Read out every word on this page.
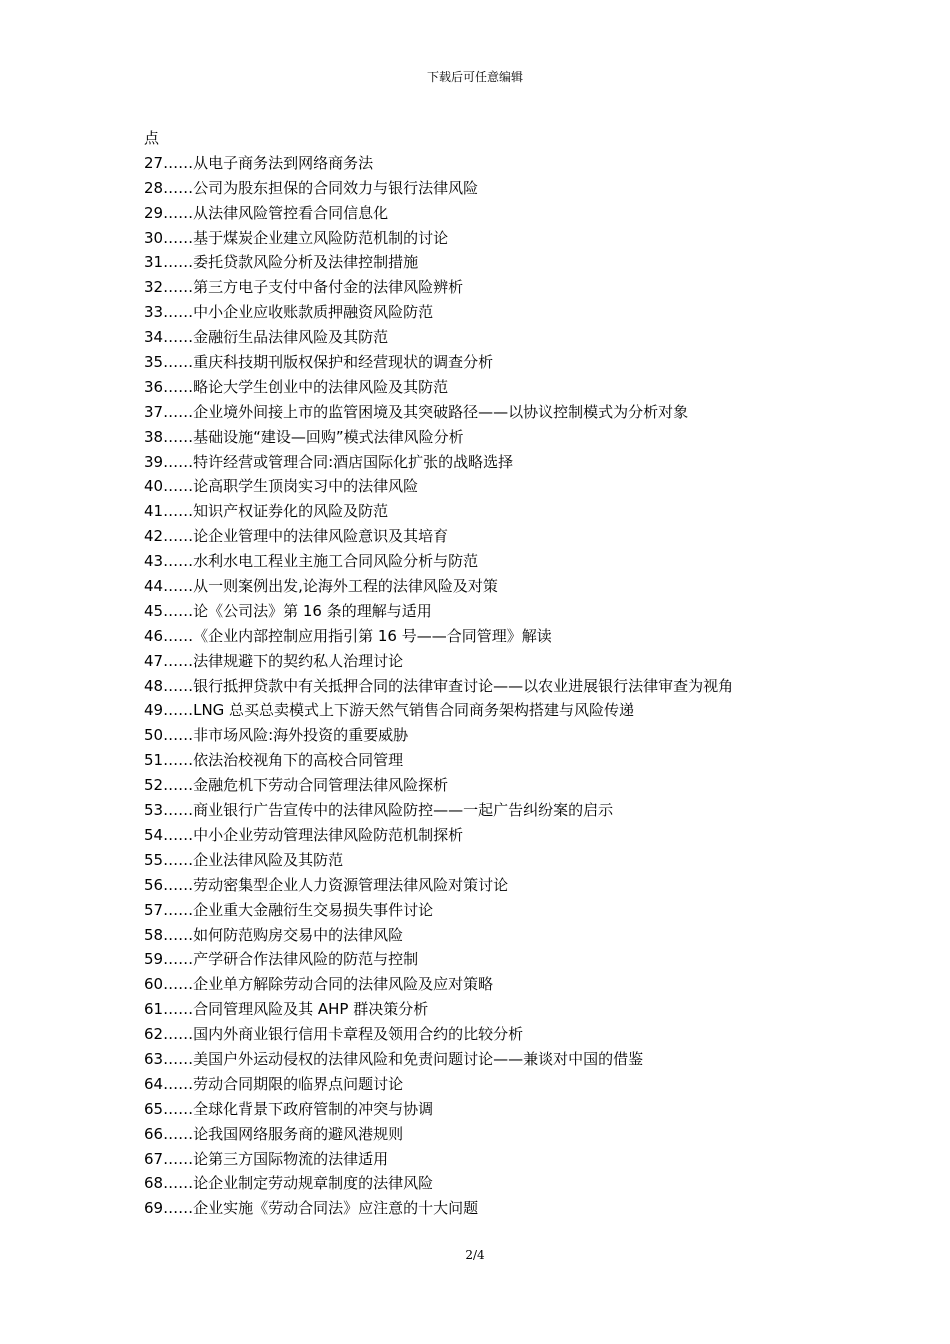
下载后可任意编辑
点
27……从电子商务法到网络商务法
28……公司为股东担保的合同效力与银行法律风险
29……从法律风险管控看合同信息化
30……基于煤炭企业建立风险防范机制的讨论
31……委托贷款风险分析及法律控制措施
32……第三方电子支付中备付金的法律风险辨析
33……中小企业应收账款质押融资风险防范
34……金融衍生品法律风险及其防范
35……重庆科技期刊版权保护和经营现状的调查分析
36……略论大学生创业中的法律风险及其防范
37……企业境外间接上市的监管困境及其突破路径——以协议控制模式为分析对象
38……基础设施“建设—回购”模式法律风险分析
39……特许经营或管理合同:酒店国际化扩张的战略选择
40……论高职学生顶岗实习中的法律风险
41……知识产权证券化的风险及防范
42……论企业管理中的法律风险意识及其培育
43……水利水电工程业主施工合同风险分析与防范
44……从一则案例出发,论海外工程的法律风险及对策
45……论《公司法》第 16 条的理解与适用
46……《企业内部控制应用指引第 16 号——合同管理》解读
47……法律规避下的契约私人治理讨论
48……银行抵押贷款中有关抵押合同的法律审查讨论——以农业进展银行法律审查为视角
49……LNG 总买总卖模式上下游天然气销售合同商务架构搭建与风险传递
50……非市场风险:海外投资的重要威胁
51……依法治校视角下的高校合同管理
52……金融危机下劳动合同管理法律风险探析
53……商业银行广告宣传中的法律风险防控——一起广告纠纷案的启示
54……中小企业劳动管理法律风险防范机制探析
55……企业法律风险及其防范
56……劳动密集型企业人力资源管理法律风险对策讨论
57……企业重大金融衍生交易损失事件讨论
58……如何防范购房交易中的法律风险
59……产学研合作法律风险的防范与控制
60……企业单方解除劳动合同的法律风险及应对策略
61……合同管理风险及其 AHP 群决策分析
62……国内外商业银行信用卡章程及领用合约的比较分析
63……美国户外运动侵权的法律风险和免责问题讨论——兼谈对中国的借鉴
64……劳动合同期限的临界点问题讨论
65……全球化背景下政府管制的冲突与协调
66……论我国网络服务商的避风港规则
67……论第三方国际物流的法律适用
68……论企业制定劳动规章制度的法律风险
69……企业实施《劳动合同法》应注意的十大问题
2/4
